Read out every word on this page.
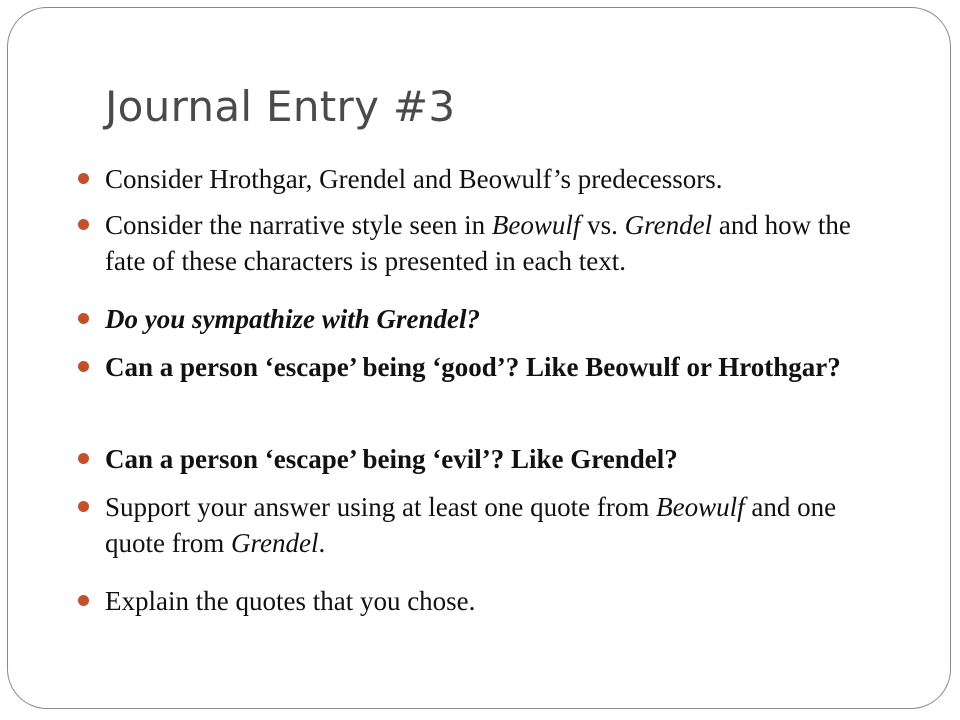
Journal Entry #3
Consider Hrothgar, Grendel and Beowulf’s predecessors.
Consider the narrative style seen in Beowulf vs. Grendel and how the fate of these characters is presented in each text.
Do you sympathize with Grendel?
Can a person ‘escape’ being ‘good’? Like Beowulf or Hrothgar?
Can a person ‘escape’ being ‘evil’? Like Grendel?
Support your answer using at least one quote from Beowulf and one quote from Grendel.
Explain the quotes that you chose.
